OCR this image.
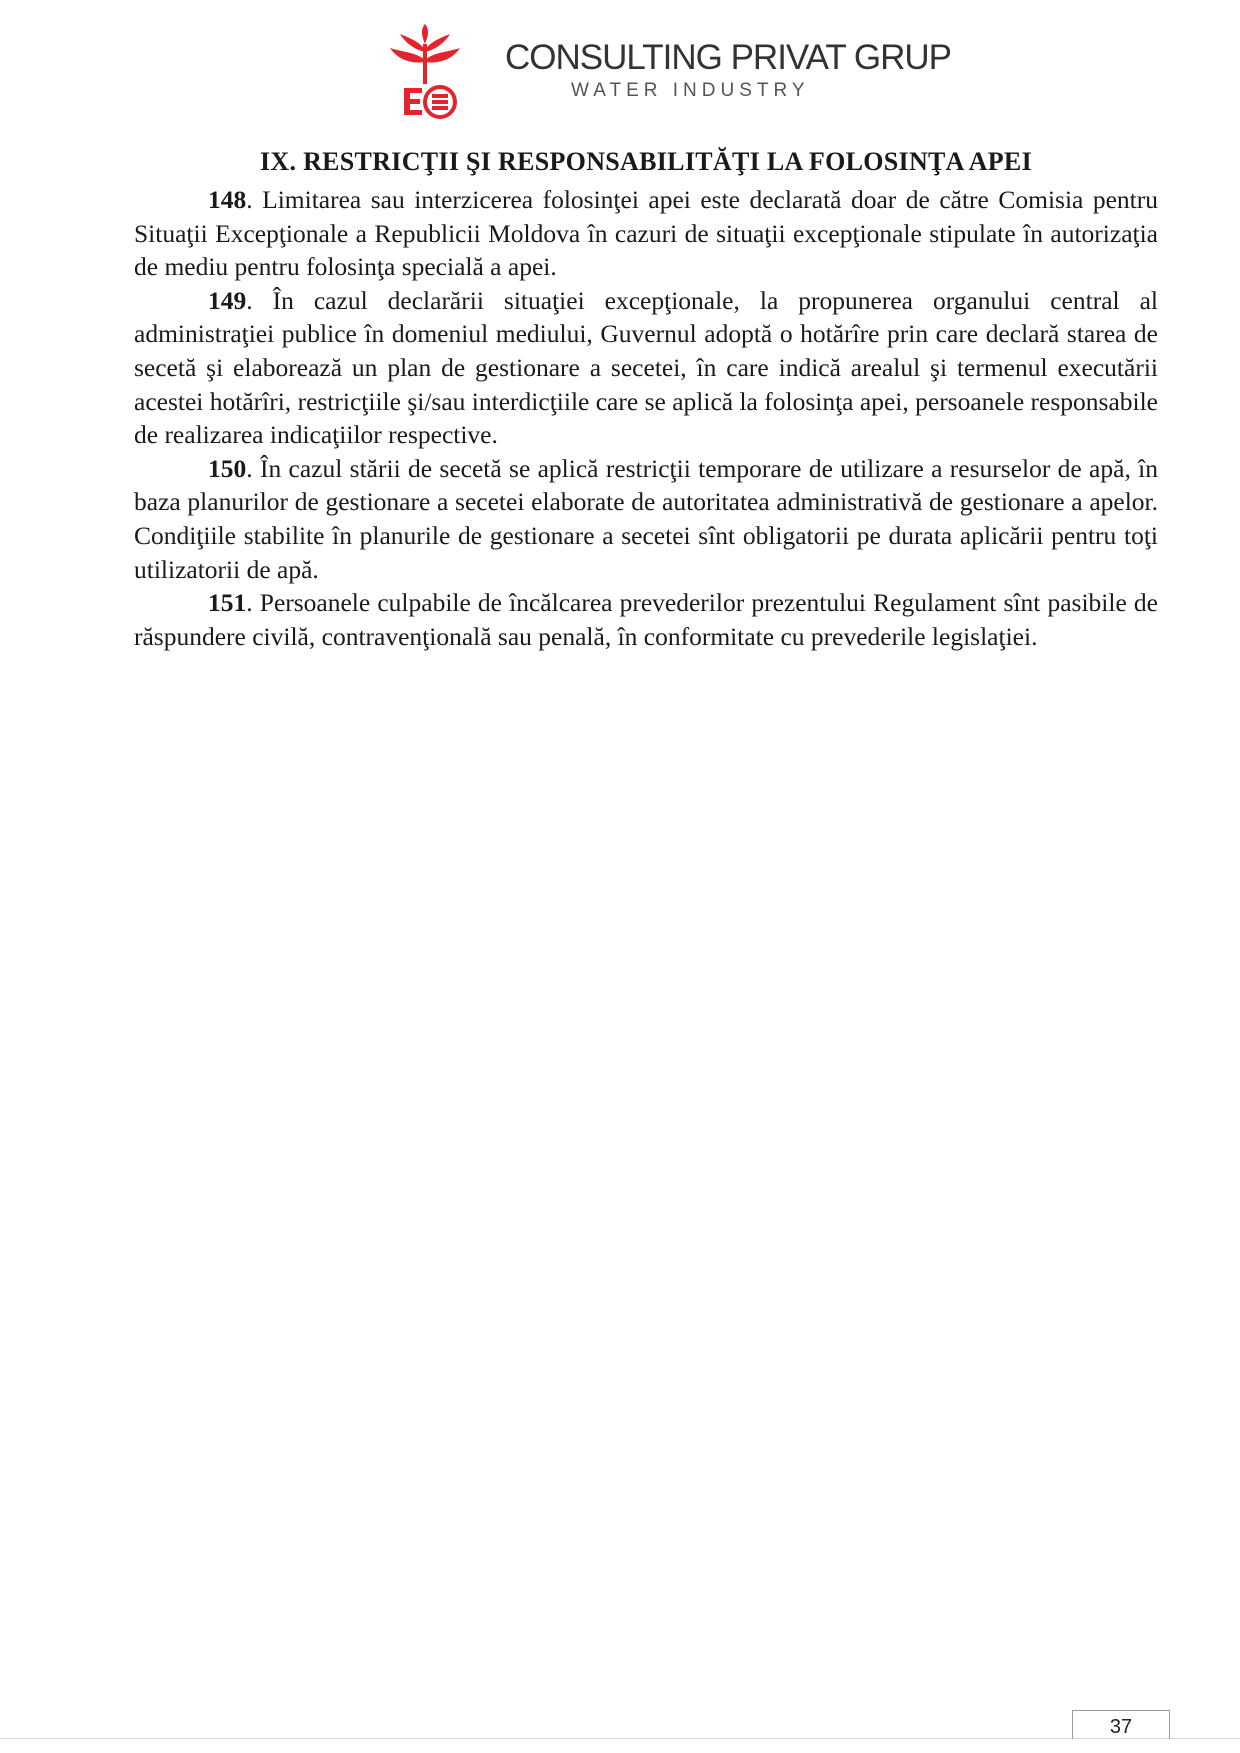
CONSULTING PRIVAT GRUP
WATER INDUSTRY
IX. RESTRICŢII ŞI RESPONSABILITĂŢI LA FOLOSINŢA APEI

148. Limitarea sau interzicerea folosinţei apei este declarată doar de către Comisia pentru Situaţii Excepţionale a Republicii Moldova în cazuri de situaţii excepţionale stipulate în autorizaţia de mediu pentru folosinţa specială a apei.

149. În cazul declarării situaţiei excepţionale, la propunerea organului central al administraţiei publice în domeniul mediului, Guvernul adoptă o hotărîre prin care declară starea de secetă şi elaborează un plan de gestionare a secetei, în care indică arealul şi termenul executării acestei hotărîri, restricţiile şi/sau interdicţiile care se aplică la folosinţa apei, persoanele responsabile de realizarea indicaţiilor respective.

150. În cazul stării de secetă se aplică restricţii temporare de utilizare a resurselor de apă, în baza planurilor de gestionare a secetei elaborate de autoritatea administrativă de gestionare a apelor. Condiţiile stabilite în planurile de gestionare a secetei sînt obligatorii pe durata aplicării pentru toţi utilizatorii de apă.

151. Persoanele culpabile de încălcarea prevederilor prezentului Regulament sînt pasibile de răspundere civilă, contravenţională sau penală, în conformitate cu prevederile legislaţiei.

37
